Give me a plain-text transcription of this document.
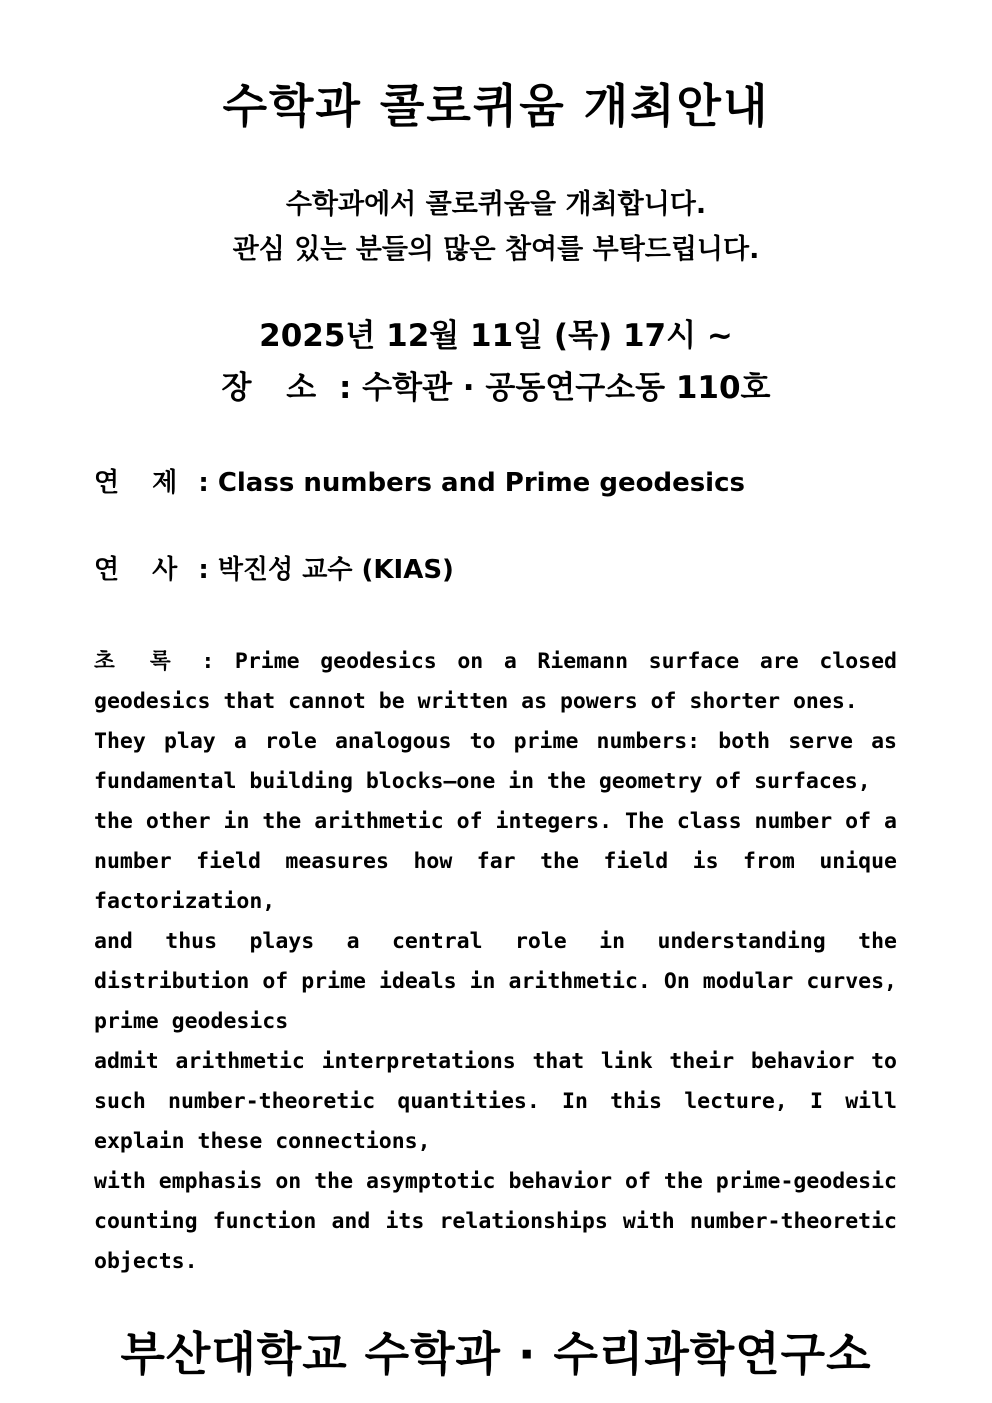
수학과 콜로퀴움 개최안내
수학과에서 콜로퀴움을 개최합니다.
관심 있는 분들의 많은 참여를 부탁드립니다.
2025년 12월 11일 (목) 17시 ~
장 소 : 수학관 · 공동연구소동 110호
연 제 : Class numbers and Prime geodesics
연 사 : 박진성 교수 (KIAS)

초 록 : Prime geodesics on a Riemann surface are closed geodesics that cannot be written as powers of shorter ones.

They play a role analogous to prime numbers: both serve as fundamental building blocks—one in the geometry of surfaces,

the other in the arithmetic of integers. The class number of a number field measures how far the field is from unique factorization,

and thus plays a central role in understanding the distribution of prime ideals in arithmetic. On modular curves, prime geodesics

admit arithmetic interpretations that link their behavior to such number-theoretic quantities. In this lecture, I will explain these connections,

with emphasis on the asymptotic behavior of the prime-geodesic counting function and its relationships with number-theoretic objects.

부산대학교 수학과 · 수리과학연구소
